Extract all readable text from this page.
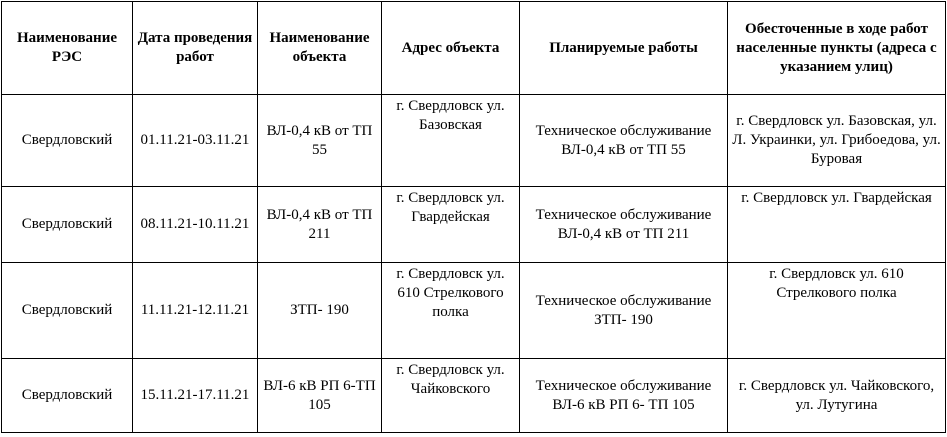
Наименование РЭС	Дата проведения работ	Наименование объекта	Адрес объекта	Планируемые работы	Обесточенные в ходе работ населенные пункты (адреса с указанием улиц)
Свердловский	01.11.21-03.11.21	ВЛ-0,4 кВ от ТП 55	г. Свердловск ул. Базовская	Техническое обслуживание ВЛ-0,4 кВ от ТП 55	г. Свердловск ул. Базовская, ул. Л. Украинки, ул. Грибоедова, ул. Буровая
Свердловский	08.11.21-10.11.21	ВЛ-0,4 кВ от ТП 211	г. Свердловск ул. Гвардейская	Техническое обслуживание ВЛ-0,4 кВ от ТП 211	г. Свердловск ул. Гвардейская
Свердловский	11.11.21-12.11.21	ЗТП- 190	г. Свердловск ул. 610 Стрелкового полка	Техническое обслуживание ЗТП- 190	г. Свердловск ул. 610 Стрелкового полка
Свердловский	15.11.21-17.11.21	ВЛ-6 кВ РП 6-ТП 105	г. Свердловск ул. Чайковского	Техническое обслуживание ВЛ-6 кВ РП 6- ТП 105	г. Свердловск ул. Чайковского, ул. Лутугина
